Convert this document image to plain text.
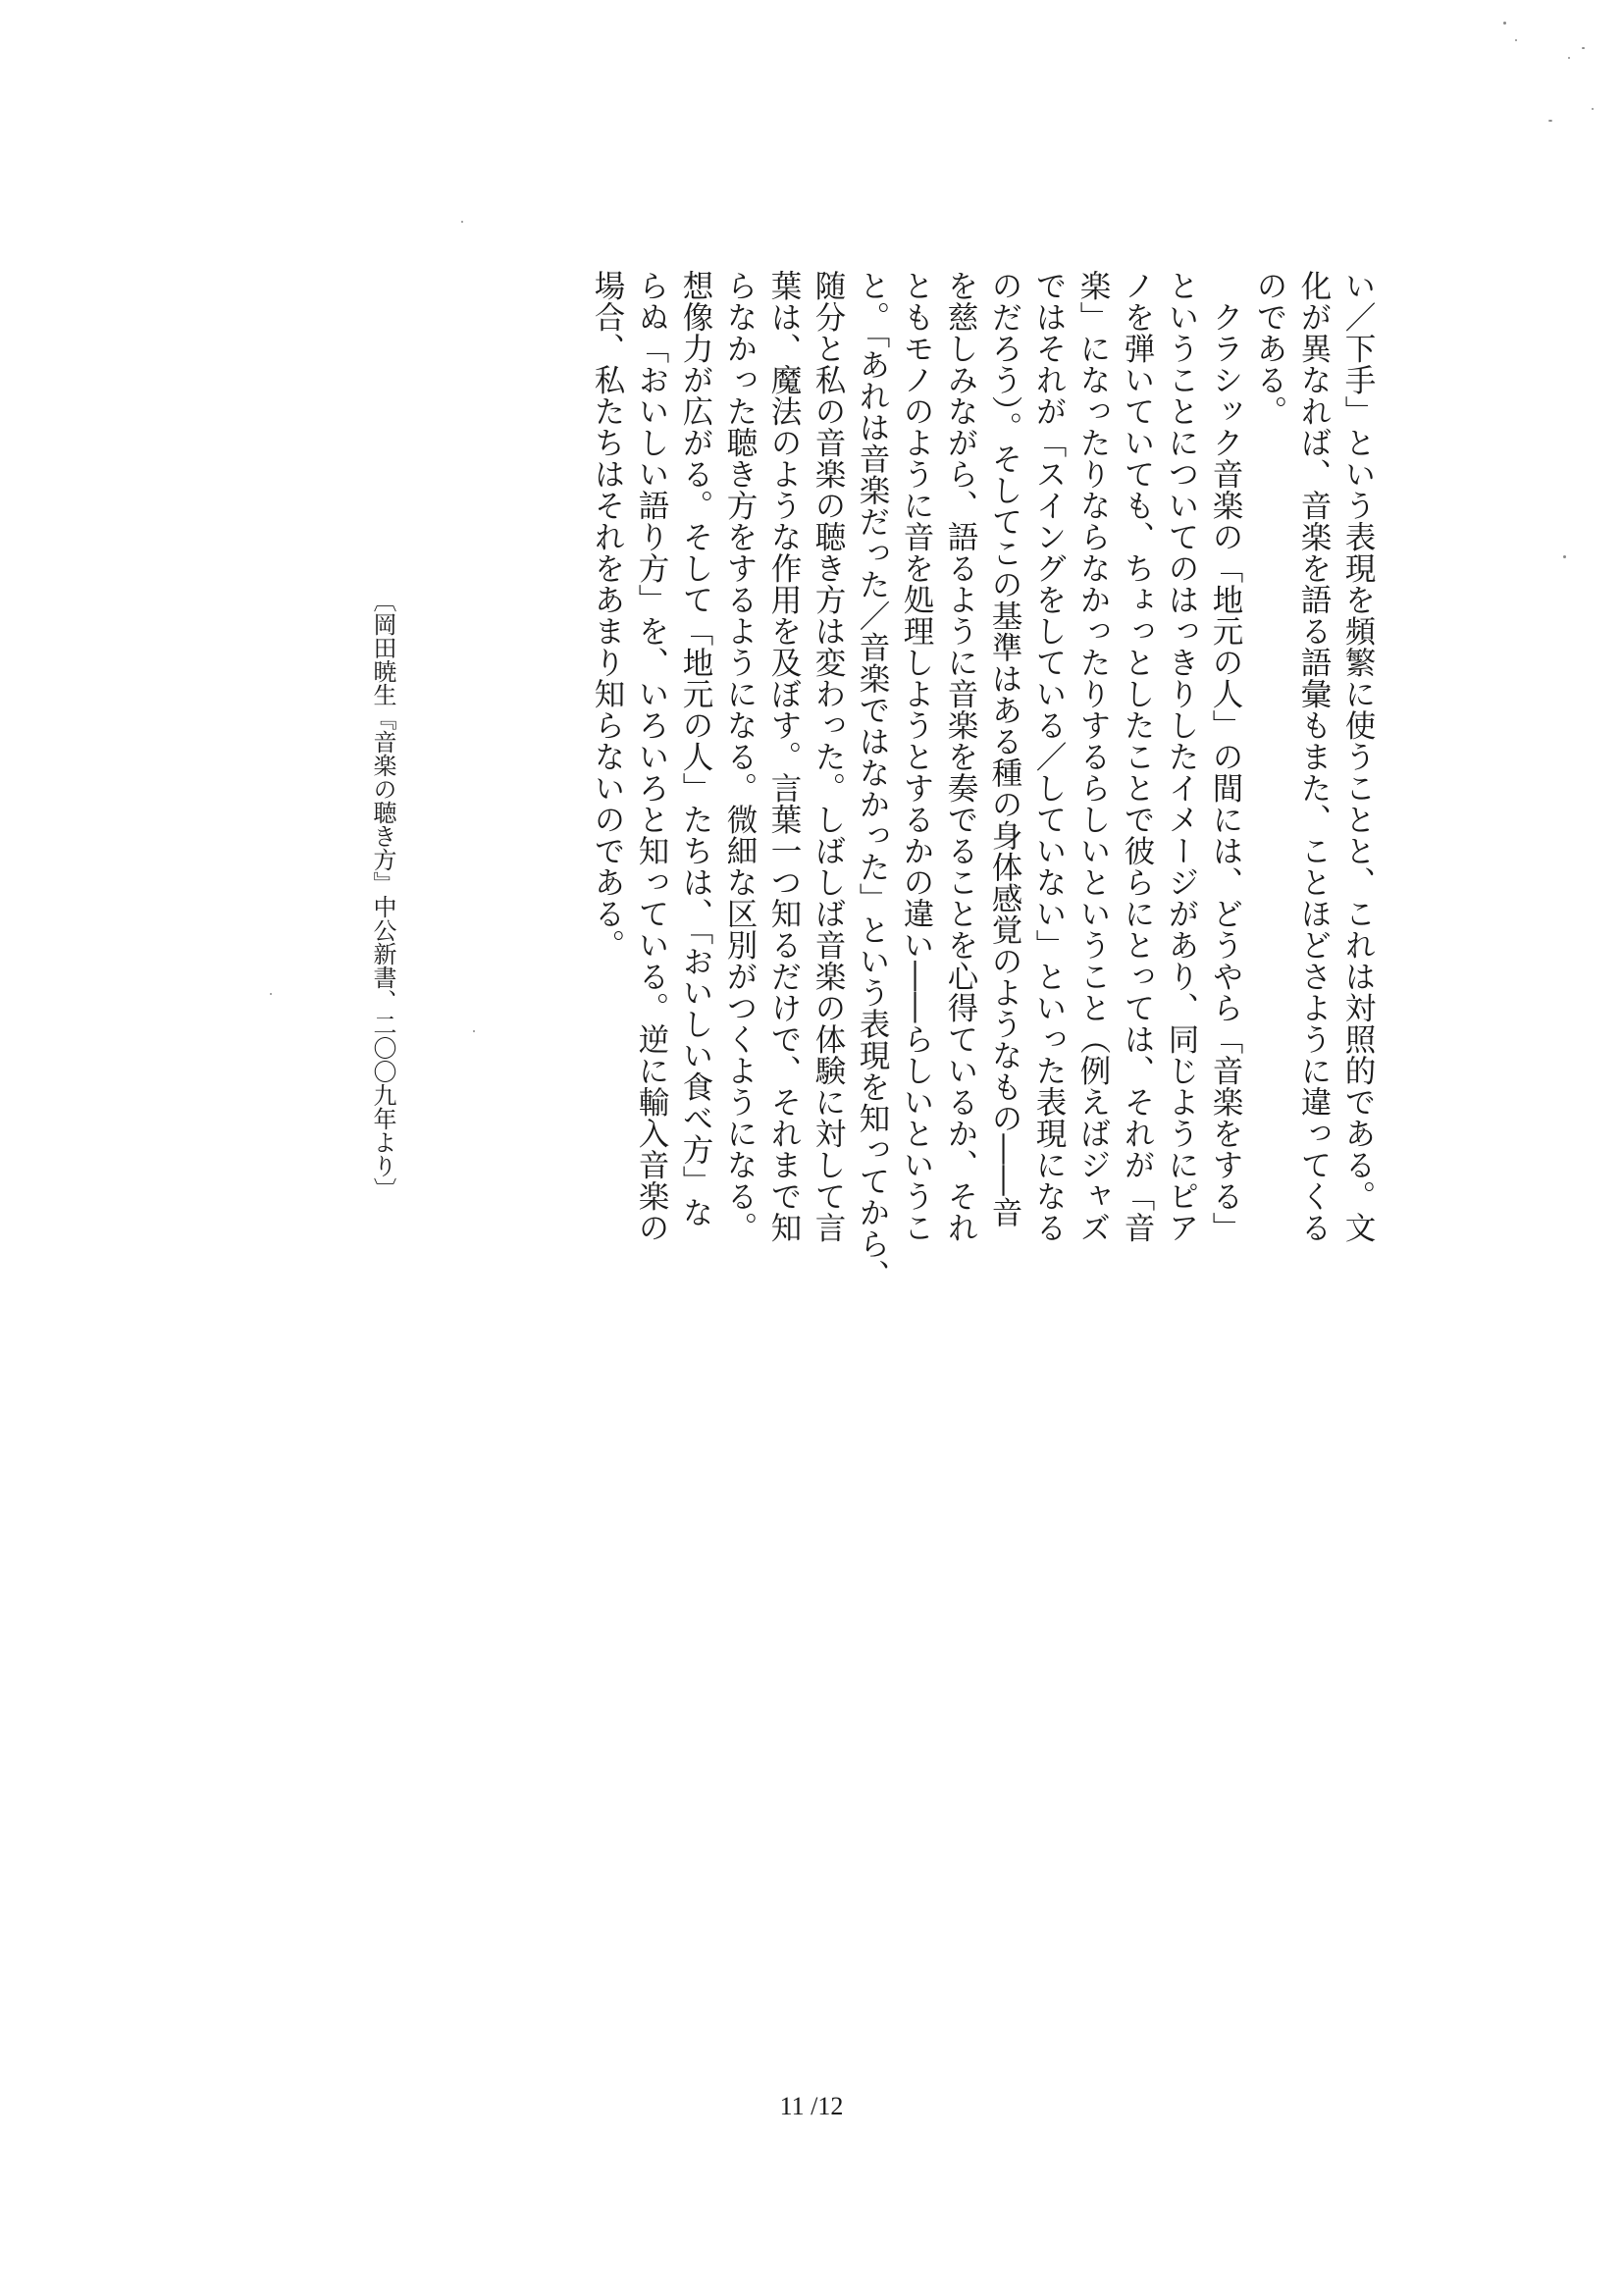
い／下手」という表現を頻繁に使うことと、これは対照的である。文
化が異なれば、音楽を語る語彙もまた、ことほどさように違ってくる
のである。
　クラシック音楽の「地元の人」の間には、どうやら「音楽をする」
ということについてのはっきりしたイメージがあり、同じようにピア
ノを弾いていても、ちょっとしたことで彼らにとっては、それが「音
楽」になったりならなかったりするらしいということ（例えばジャズ
ではそれが「スイングをしている／していない」といった表現になる
のだろう）。そしてこの基準はある種の身体感覚のようなもの――音
を慈しみながら、語るように音楽を奏でることを心得ているか、それ
ともモノのように音を処理しようとするかの違い――らしいというこ
と。「あれは音楽だった／音楽ではなかった」という表現を知ってから、
随分と私の音楽の聴き方は変わった。しばしば音楽の体験に対して言
葉は、魔法のような作用を及ぼす。言葉一つ知るだけで、それまで知
らなかった聴き方をするようになる。微細な区別がつくようになる。
想像力が広がる。そして「地元の人」たちは、「おいしい食べ方」な
らぬ「おいしい語り方」を、いろいろと知っている。逆に輸入音楽の
場合、私たちはそれをあまり知らないのである。
〔岡田暁生『音楽の聴き方』中公新書、二〇〇九年より〕
11 /12
